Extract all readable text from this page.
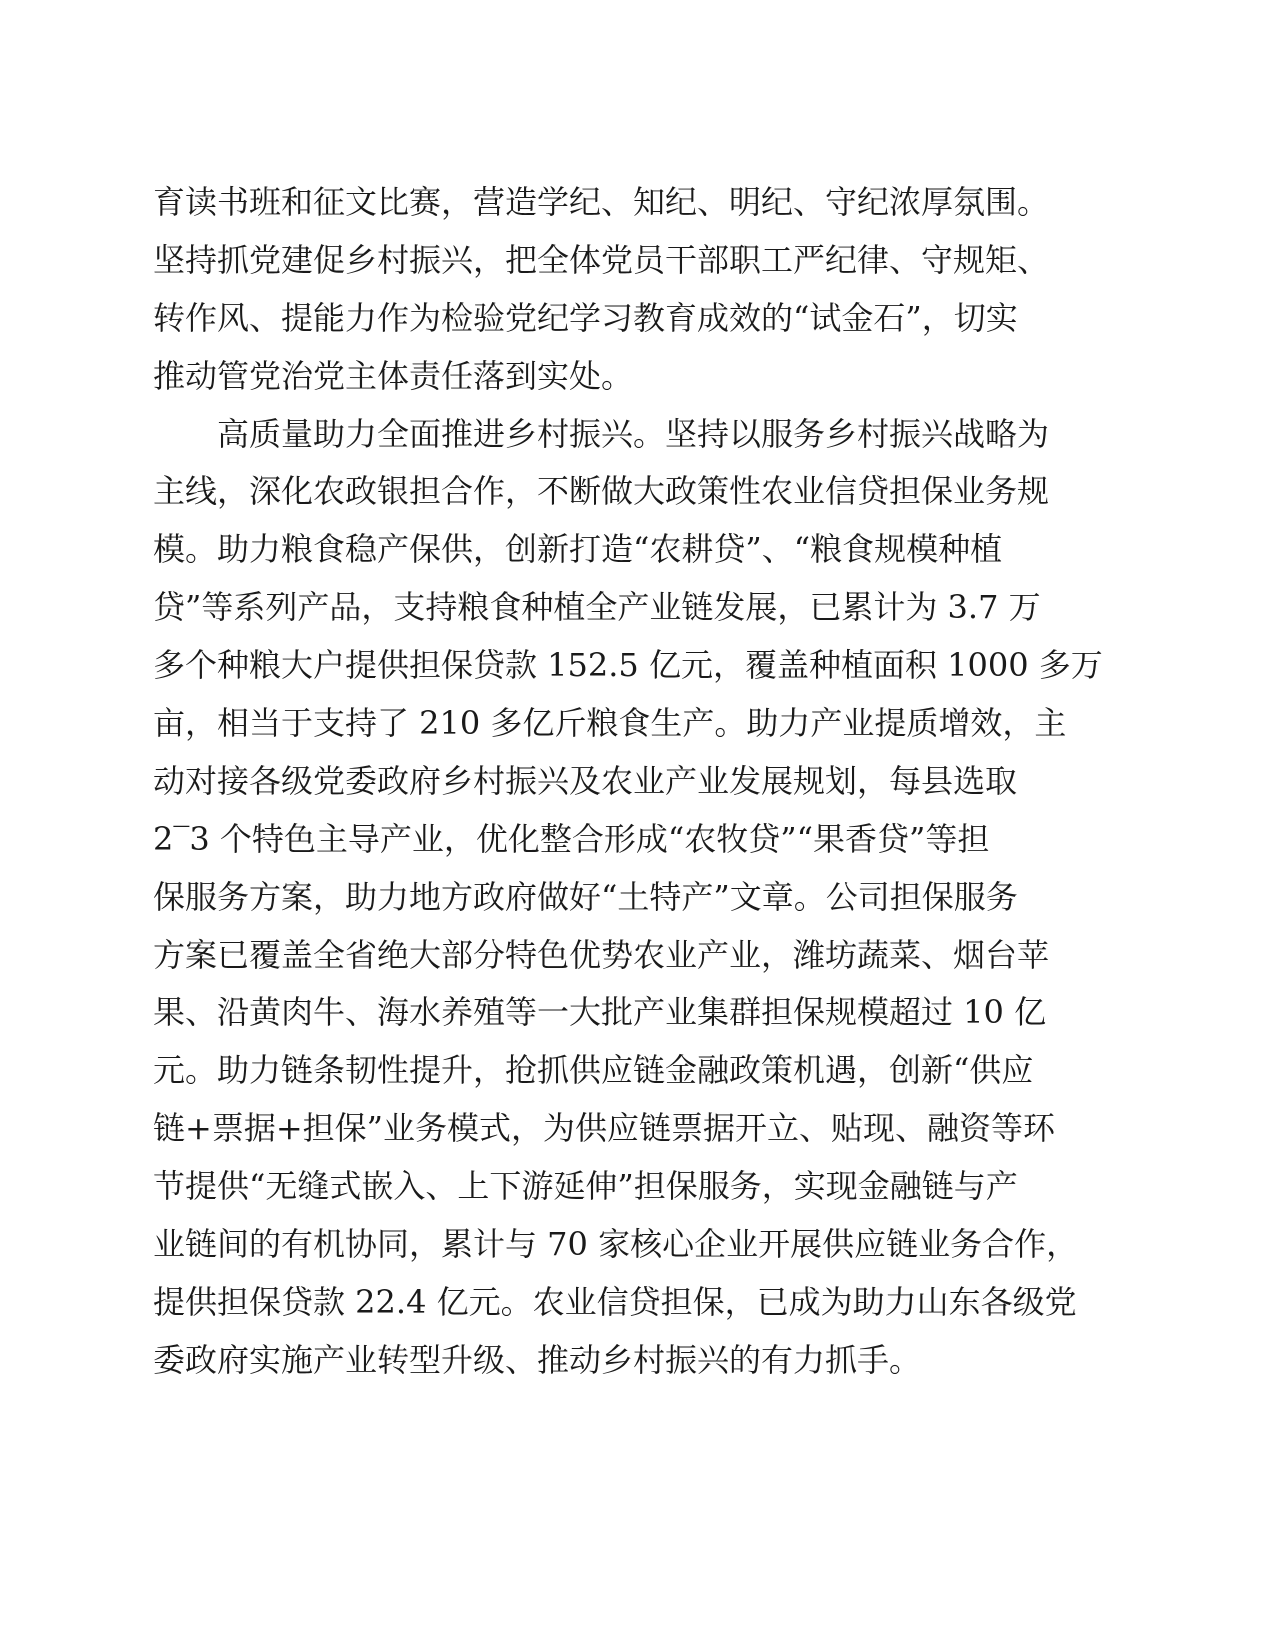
育读书班和征文比赛，营造学纪、知纪、明纪、守纪浓厚氛围。
坚持抓党建促乡村振兴，把全体党员干部职工严纪律、守规矩、
转作风、提能力作为检验党纪学习教育成效的“试金石”，切实
推动管党治党主体责任落到实处。
高质量助力全面推进乡村振兴。坚持以服务乡村振兴战略为
主线，深化农政银担合作，不断做大政策性农业信贷担保业务规
模。助力粮食稳产保供，创新打造“农耕贷”、“粮食规模种植
贷”等系列产品，支持粮食种植全产业链发展，已累计为 3.7 万
多个种粮大户提供担保贷款 152.5 亿元，覆盖种植面积 1000 多万
亩，相当于支持了 210 多亿斤粮食生产。助力产业提质增效，主
动对接各级党委政府乡村振兴及农业产业发展规划，每县选取
2‾3 个特色主导产业，优化整合形成“农牧贷”“果香贷”等担
保服务方案，助力地方政府做好“土特产”文章。公司担保服务
方案已覆盖全省绝大部分特色优势农业产业，潍坊蔬菜、烟台苹
果、沿黄肉牛、海水养殖等一大批产业集群担保规模超过 10 亿
元。助力链条韧性提升，抢抓供应链金融政策机遇，创新“供应
链+票据+担保”业务模式，为供应链票据开立、贴现、融资等环
节提供“无缝式嵌入、上下游延伸”担保服务，实现金融链与产
业链间的有机协同，累计与 70 家核心企业开展供应链业务合作，
提供担保贷款 22.4 亿元。农业信贷担保，已成为助力山东各级党
委政府实施产业转型升级、推动乡村振兴的有力抓手。
